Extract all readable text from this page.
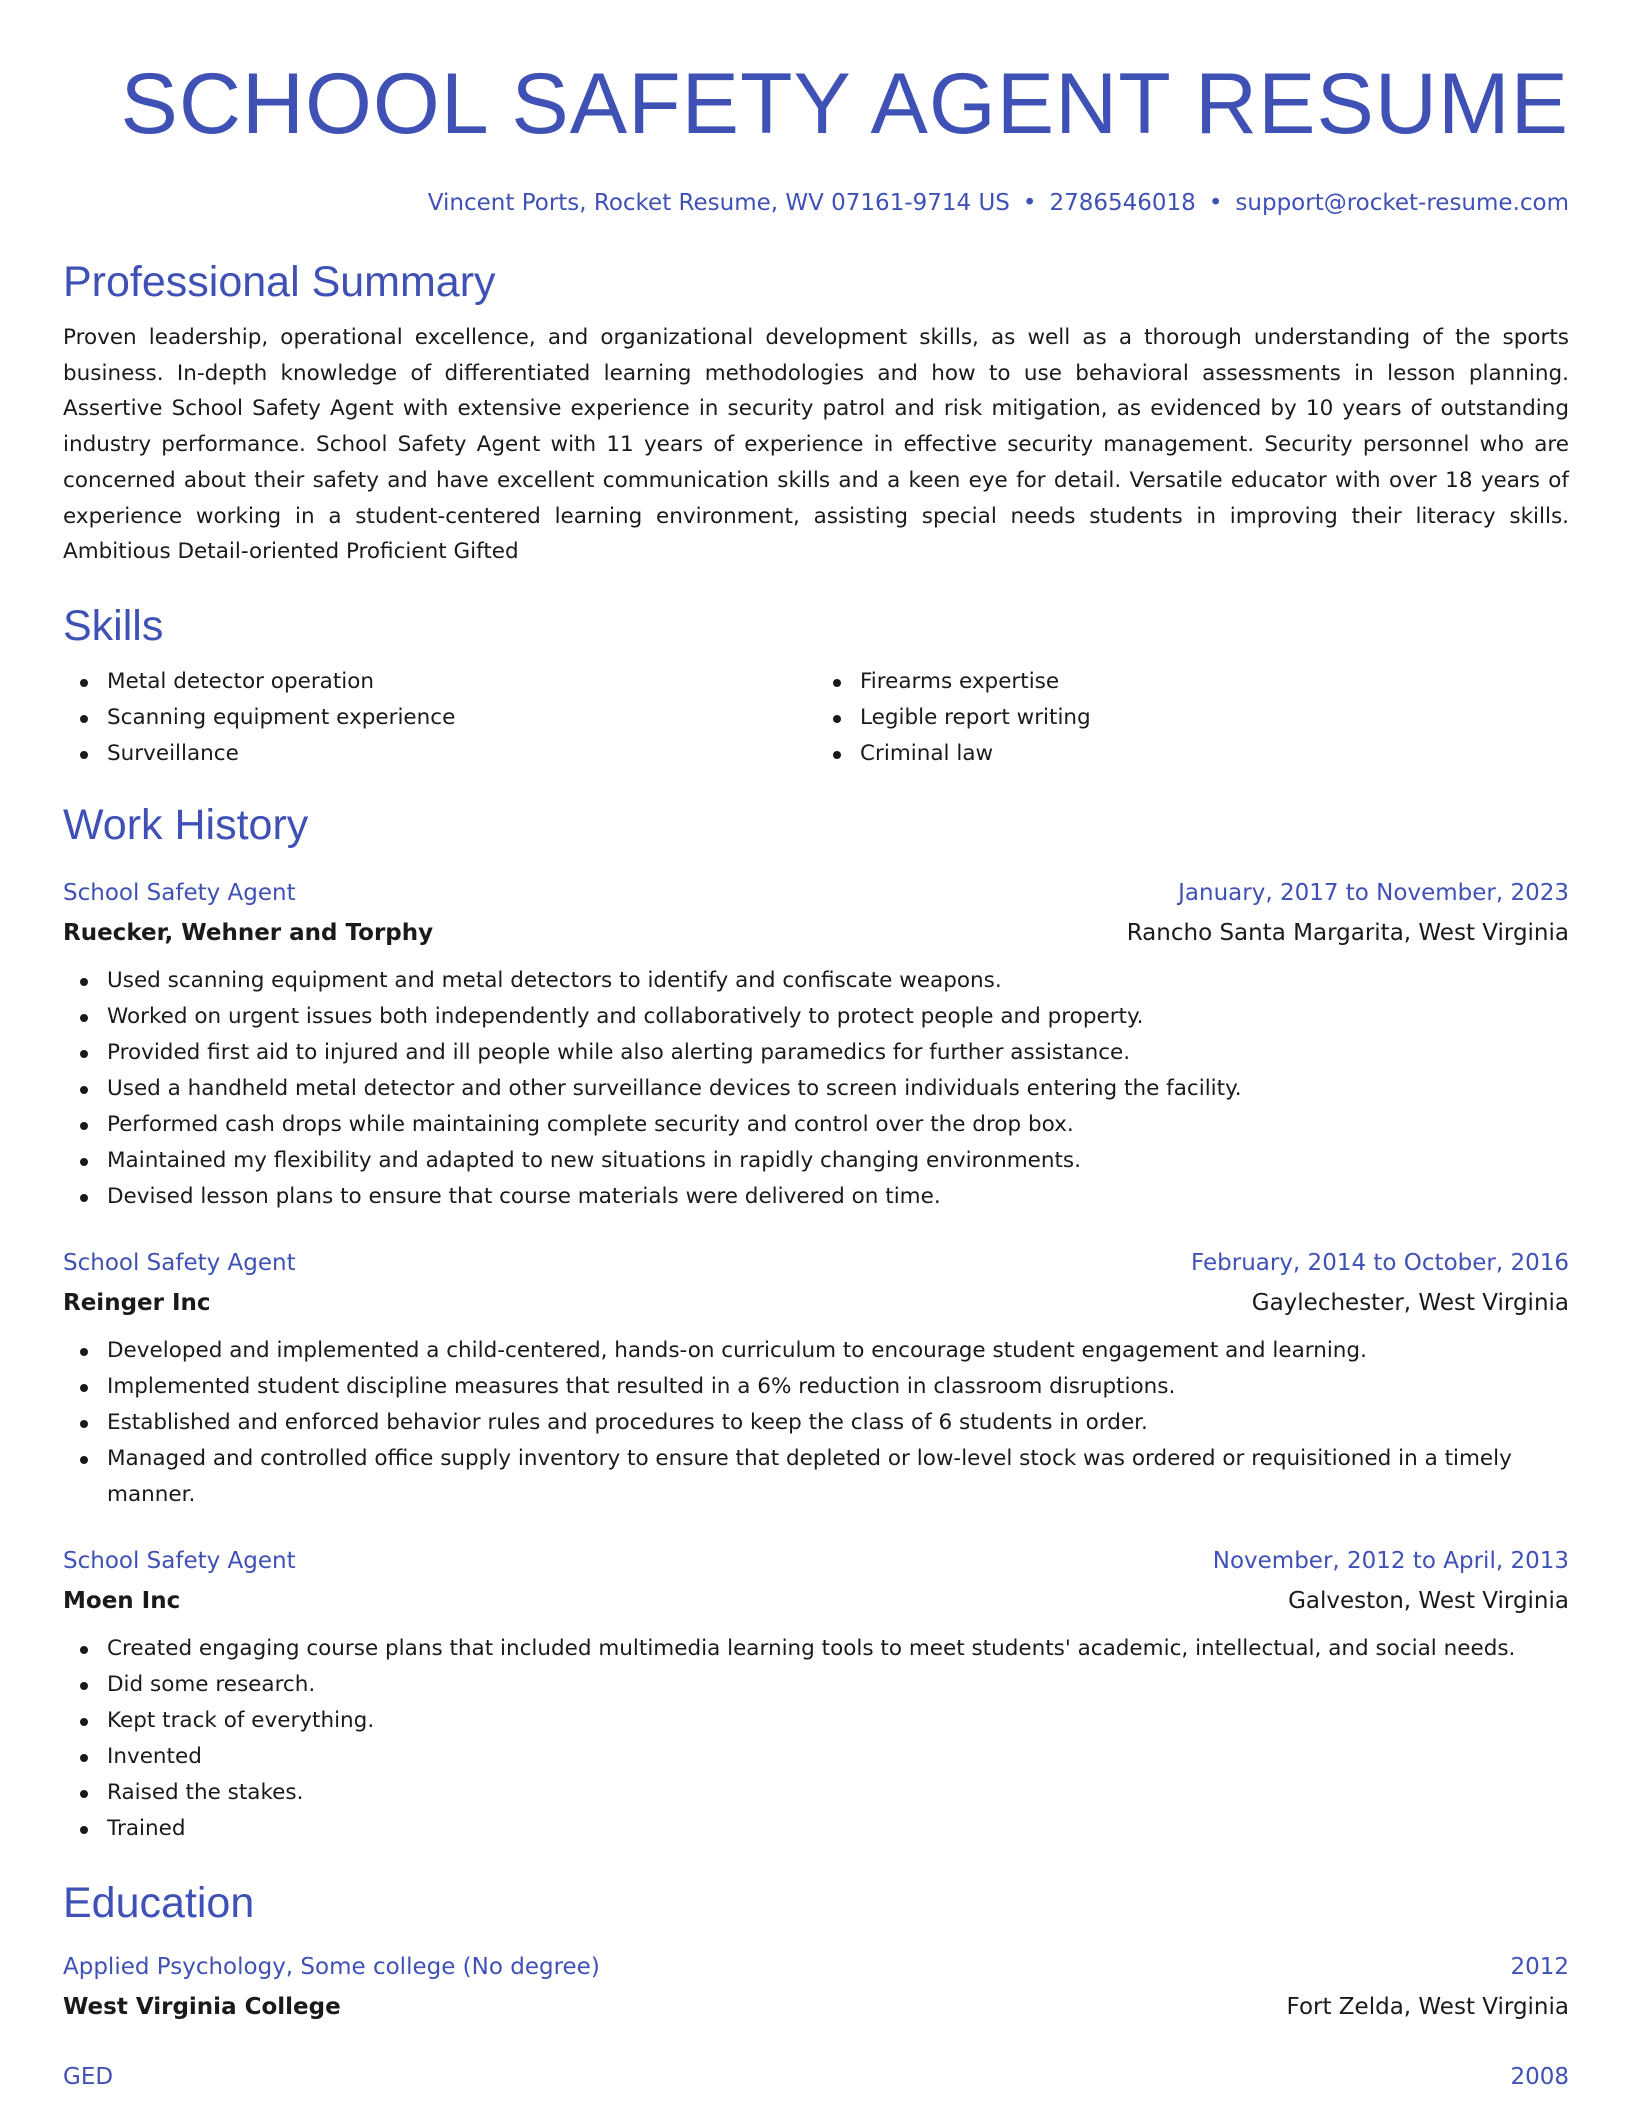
SCHOOL SAFETY AGENT RESUME
Vincent Ports, Rocket Resume, WV 07161-9714 US • 2786546018 • support@rocket-resume.com
Professional Summary

Proven leadership, operational excellence, and organizational development skills, as well as a thorough understanding of the sports business. In-depth knowledge of differentiated learning methodologies and how to use behavioral assessments in lesson planning. Assertive School Safety Agent with extensive experience in security patrol and risk mitigation, as evidenced by 10 years of outstanding industry performance. School Safety Agent with 11 years of experience in effective security management. Security personnel who are concerned about their safety and have excellent communication skills and a keen eye for detail. Versatile educator with over 18 years of experience working in a student-centered learning environment, assisting special needs students in improving their literacy skills. Ambitious Detail-oriented Proficient Gifted

Skills
Metal detector operation
Scanning equipment experience
Surveillance
Firearms expertise
Legible report writing
Criminal law
Work History
School Safety Agent	January, 2017 to November, 2023
Ruecker, Wehner and Torphy	Rancho Santa Margarita, West Virginia
Used scanning equipment and metal detectors to identify and confiscate weapons.
Worked on urgent issues both independently and collaboratively to protect people and property.
Provided first aid to injured and ill people while also alerting paramedics for further assistance.
Used a handheld metal detector and other surveillance devices to screen individuals entering the facility.
Performed cash drops while maintaining complete security and control over the drop box.
Maintained my flexibility and adapted to new situations in rapidly changing environments.
Devised lesson plans to ensure that course materials were delivered on time.
School Safety Agent	February, 2014 to October, 2016
Reinger Inc	Gaylechester, West Virginia
Developed and implemented a child-centered, hands-on curriculum to encourage student engagement and learning.
Implemented student discipline measures that resulted in a 6% reduction in classroom disruptions.
Established and enforced behavior rules and procedures to keep the class of 6 students in order.
Managed and controlled office supply inventory to ensure that depleted or low-level stock was ordered or requisitioned in a timely manner.
School Safety Agent	November, 2012 to April, 2013
Moen Inc	Galveston, West Virginia
Created engaging course plans that included multimedia learning tools to meet students' academic, intellectual, and social needs.
Did some research.
Kept track of everything.
Invented
Raised the stakes.
Trained
Education
Applied Psychology, Some college (No degree)	2012
West Virginia College	Fort Zelda, West Virginia
GED	2008
